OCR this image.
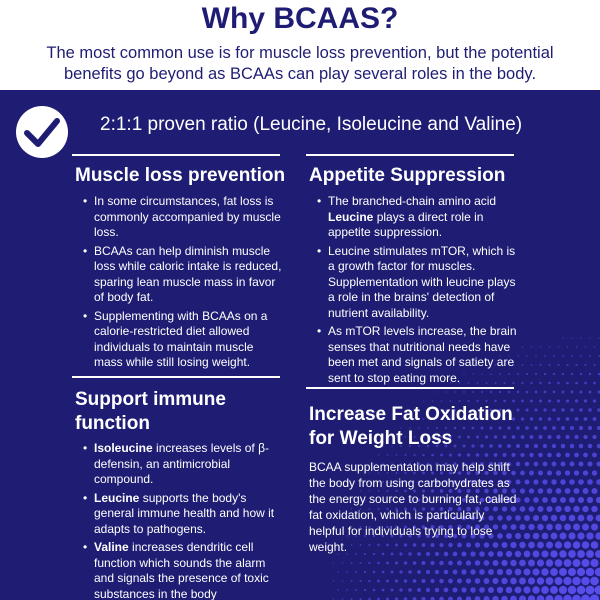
Why BCAAS?
The most common use is for muscle loss prevention, but the potential benefits go beyond as BCAAs can play several roles in the body.
2:1:1 proven ratio (Leucine, Isoleucine and Valine)
Muscle loss prevention
• In some circumstances, fat loss is commonly accompanied by muscle loss.
• BCAAs can help diminish muscle loss while caloric intake is reduced, sparing lean muscle mass in favor of body fat.
• Supplementing with BCAAs on a calorie-restricted diet allowed individuals to maintain muscle mass while still losing weight.
Appetite Suppression
• The branched-chain amino acid Leucine plays a direct role in appetite suppression.
• Leucine stimulates mTOR, which is a growth factor for muscles. Supplementation with leucine plays a role in the brains' detection of nutrient availability.
• As mTOR levels increase, the brain senses that nutritional needs have been met and signals of satiety are sent to stop eating more.
Support immune
function
• Isoleucine increases levels of β-defensin, an antimicrobial compound.
• Leucine supports the body's general immune health and how it adapts to pathogens.
• Valine increases dendritic cell function which sounds the alarm and signals the presence of toxic substances in the body
Increase Fat Oxidation
for Weight Loss
BCAA supplementation may help shift the body from using carbohydrates as the energy source to burning fat, called fat oxidation, which is particularly helpful for individuals trying to lose weight.
